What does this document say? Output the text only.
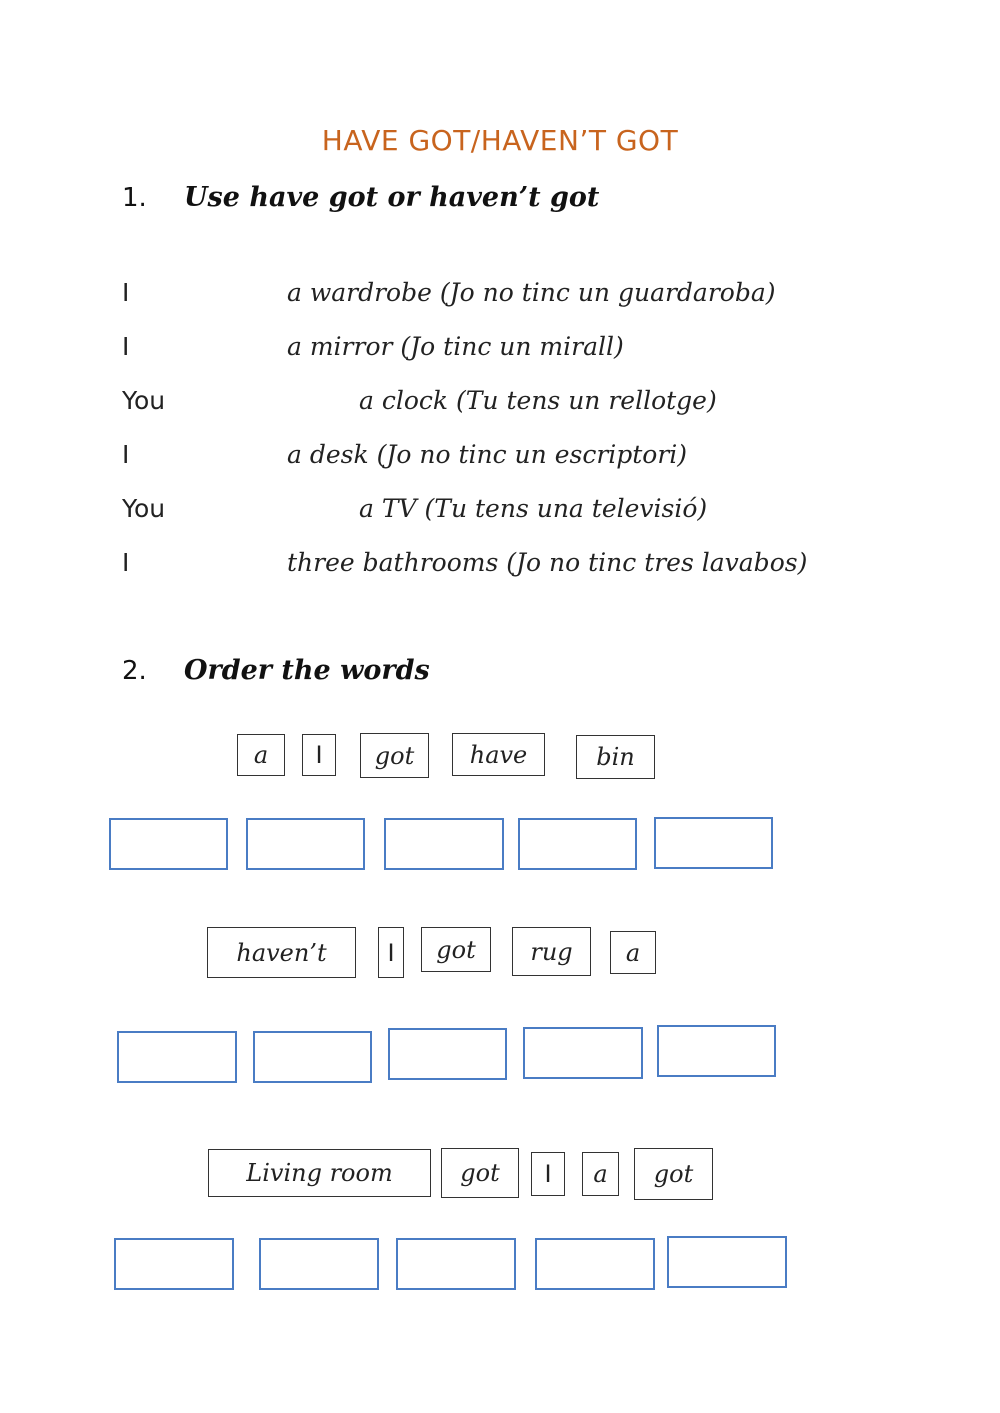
HAVE GOT/HAVEN’T GOT
1. Use have got or haven’t got
I	a wardrobe (Jo no tinc un guardarobа)
I	a mirror (Jo tinc un mirall)
You	a clock (Tu tens un rellotge)
I	a desk (Jo no tinc un escriptori)
You	a TV (Tu tens una televisió)
I	three bathrooms (Jo no tinc tres lavabos)
2. Order the words
a	I	got	have	bin
haven’t	I	got	rug	a
Living room	got	I	a	got
